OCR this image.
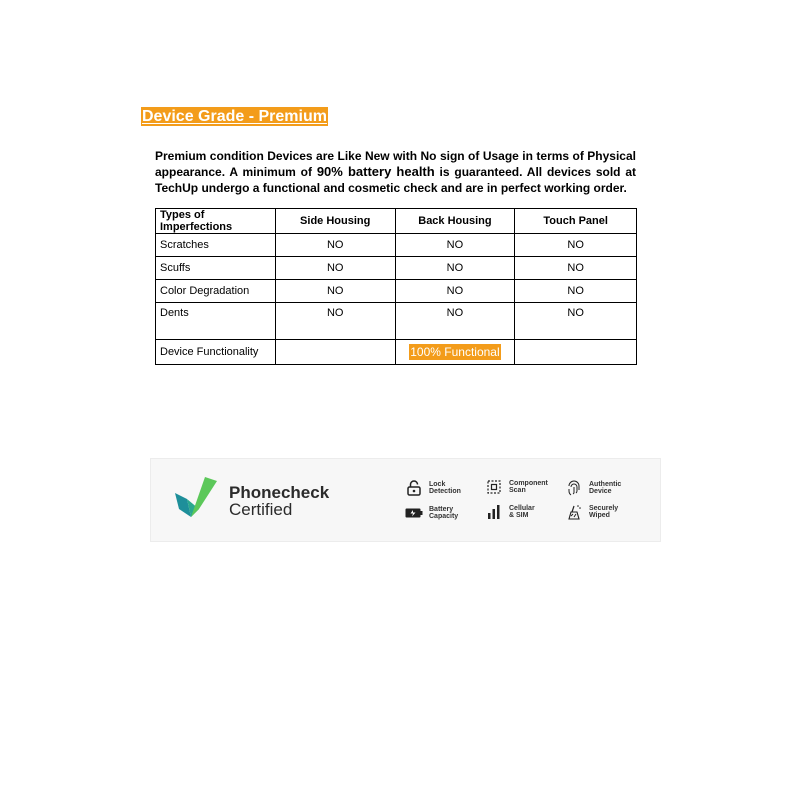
Device Grade - Premium

Premium condition Devices are Like New with No sign of Usage in terms of Physical appearance. A minimum of 90% battery health is guaranteed. All devices sold at TechUp undergo a functional and cosmetic check and are in perfect working order.

Types of Imperfections	Side Housing	Back Housing	Touch Panel
Scratches	NO	NO	NO
Scuffs	NO	NO	NO
Color Degradation	NO	NO	NO
Dents	NO	NO	NO
Device Functionality		100% Functional	
Phonecheck
Certified
Lock
Detection
Component
Scan
Authentic
Device
Battery
Capacity
Cellular
& SIM
Securely
Wiped
